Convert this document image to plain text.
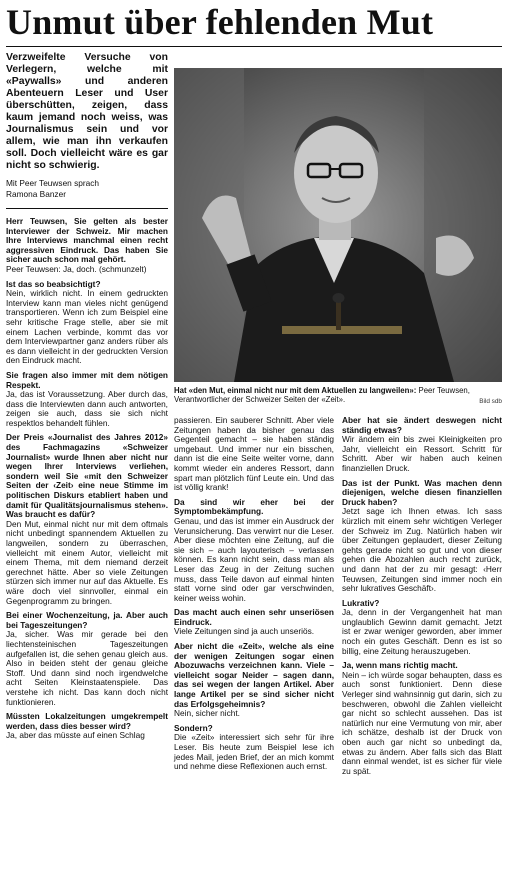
Unmut über fehlenden Mut
Verzweifelte Versuche von Verlegern, welche mit «Paywalls» und anderen Abenteuern Leser und User überschütten, zeigen, dass kaum jemand noch weiss, was Journalismus sein und vor allem, wie man ihn verkaufen soll. Doch vielleicht wäre es gar nicht so schwierig.
Mit Peer Teuwsen sprach
Ramona Banzer

Herr Teuwsen, Sie gelten als bester Interviewer der Schweiz. Mir machen Ihre Interviews manchmal einen recht aggressiven Eindruck. Das haben Sie sicher auch schon mal gehört.

Peer Teuwsen: Ja, doch. (schmunzelt)

Ist das so beabsichtigt?

Nein, wirklich nicht. In einem gedruckten Interview kann man vieles nicht genügend transportieren. Wenn ich zum Beispiel eine sehr kritische Frage stelle, aber sie mit einem Lachen verbinde, kommt das vor dem Interviewpartner ganz anders rüber als es dann vielleicht in der gedruckten Version den Eindruck macht.

Sie fragen also immer mit dem nötigen Respekt.

Ja, das ist Voraussetzung. Aber durch das, dass die Interviewten dann auch antworten, zeigen sie auch, dass sie sich nicht respektlos behandelt fühlen.

Der Preis «Journalist des Jahres 2012» des Fachmagazins «Schweizer Journalist» wurde Ihnen aber nicht nur wegen Ihrer Interviews verliehen, sondern weil Sie «mit den Schweizer Seiten der ‹Zeit› eine neue Stimme im politischen Diskurs etabliert haben und damit für Qualitätsjournalismus stehen». Was braucht es dafür?

Den Mut, einmal nicht nur mit dem oftmals nicht unbedingt spannendem Aktuellen zu langweilen, sondern zu überraschen, vielleicht mit einem Autor, vielleicht mit einem Thema, mit dem niemand derzeit gerechnet hätte. Aber so viele Zeitungen stürzen sich immer nur auf das Aktuelle. Es wäre doch viel sinnvoller, einmal ein Gegenprogramm zu bringen.

Bei einer Wochenzeitung, ja. Aber auch bei Tageszeitungen?

Ja, sicher. Was mir gerade bei den liechtensteinischen Tageszeitungen aufgefallen ist, die sehen genau gleich aus. Also in beiden steht der genau gleiche Stoff. Und dann sind noch irgendwelche acht Seiten Kleinstaatenspiele. Das verstehe ich nicht. Das kann doch nicht funktionieren.

Müssten Lokalzeitungen umgekrempelt werden, dass dies besser wird?

Ja, aber das müsste auf einen Schlag

Hat «den Mut, einmal nicht nur mit dem Aktuellen zu langweilen»: Peer Teuwsen, Verantwortlicher der Schweizer Seiten der «Zeit».	Bild sdb

passieren. Ein sauberer Schnitt. Aber viele Zeitungen haben da bisher genau das Gegenteil gemacht – sie haben ständig umgebaut. Und immer nur ein bisschen, dann ist die eine Seite weiter vorne, dann kommt wieder ein anderes Ressort, dann spart man plötzlich fünf Leute ein. Und das ist völlig krank!

Da sind wir eher bei der Symptombekämpfung.

Genau, und das ist immer ein Ausdruck der Verunsicherung. Das verwirrt nur die Leser. Aber diese möchten eine Zeitung, auf die sie sich – auch layouterisch – verlassen können. Es kann nicht sein, dass man als Leser das Zeug in der Zeitung suchen muss, dass Teile davon auf einmal hinten statt vorne sind oder gar verschwinden, keiner weiss wohin.

Das macht auch einen sehr unseriösen Eindruck.

Viele Zeitungen sind ja auch unseriös.

Aber nicht die «Zeit», welche als eine der wenigen Zeitungen sogar einen Abozuwachs verzeichnen kann. Viele – vielleicht sogar Neider – sagen dann, das sei wegen der langen Artikel. Aber lange Artikel per se sind sicher nicht das Erfolgsgeheimnis?

Nein, sicher nicht.

Sondern?

Die «Zeit» interessiert sich sehr für ihre Leser. Bis heute zum Beispiel lese ich jedes Mail, jeden Brief, der an mich kommt und nehme diese Reflexionen auch ernst.

Aber hat sie ändert deswegen nicht ständig etwas?

Wir ändern ein bis zwei Kleinigkeiten pro Jahr, vielleicht ein Ressort. Schritt für Schritt. Aber wir haben auch keinen finanziellen Druck.

Das ist der Punkt. Was machen denn diejenigen, welche diesen finanziellen Druck haben?

Jetzt sage ich Ihnen etwas. Ich sass kürzlich mit einem sehr wichtigen Verleger der Schweiz im Zug. Natürlich haben wir über Zeitungen geplaudert, dieser Zeitung gehts gerade nicht so gut und von dieser gehen die Abozahlen auch recht zurück, und dann hat der zu mir gesagt: ‹Herr Teuwsen, Zeitungen sind immer noch ein sehr lukratives Geschäft›.

Lukrativ?

Ja, denn in der Vergangenheit hat man unglaublich Gewinn damit gemacht. Jetzt ist er zwar weniger geworden, aber immer noch ein gutes Geschäft. Denn es ist so billig, eine Zeitung herauszugeben.

Ja, wenn mans richtig macht.

Nein – ich würde sogar behaupten, dass es auch sonst funktioniert. Denn diese Verleger sind wahnsinnig gut darin, sich zu beschweren, obwohl die Zahlen vielleicht gar nicht so schlecht aussehen. Das ist natürlich nur eine Vermutung von mir, aber ich schätze, deshalb ist der Druck von oben auch gar nicht so unbedingt da, etwas zu ändern. Aber falls sich das Blatt dann einmal wendet, ist es sicher für viele zu spät.
